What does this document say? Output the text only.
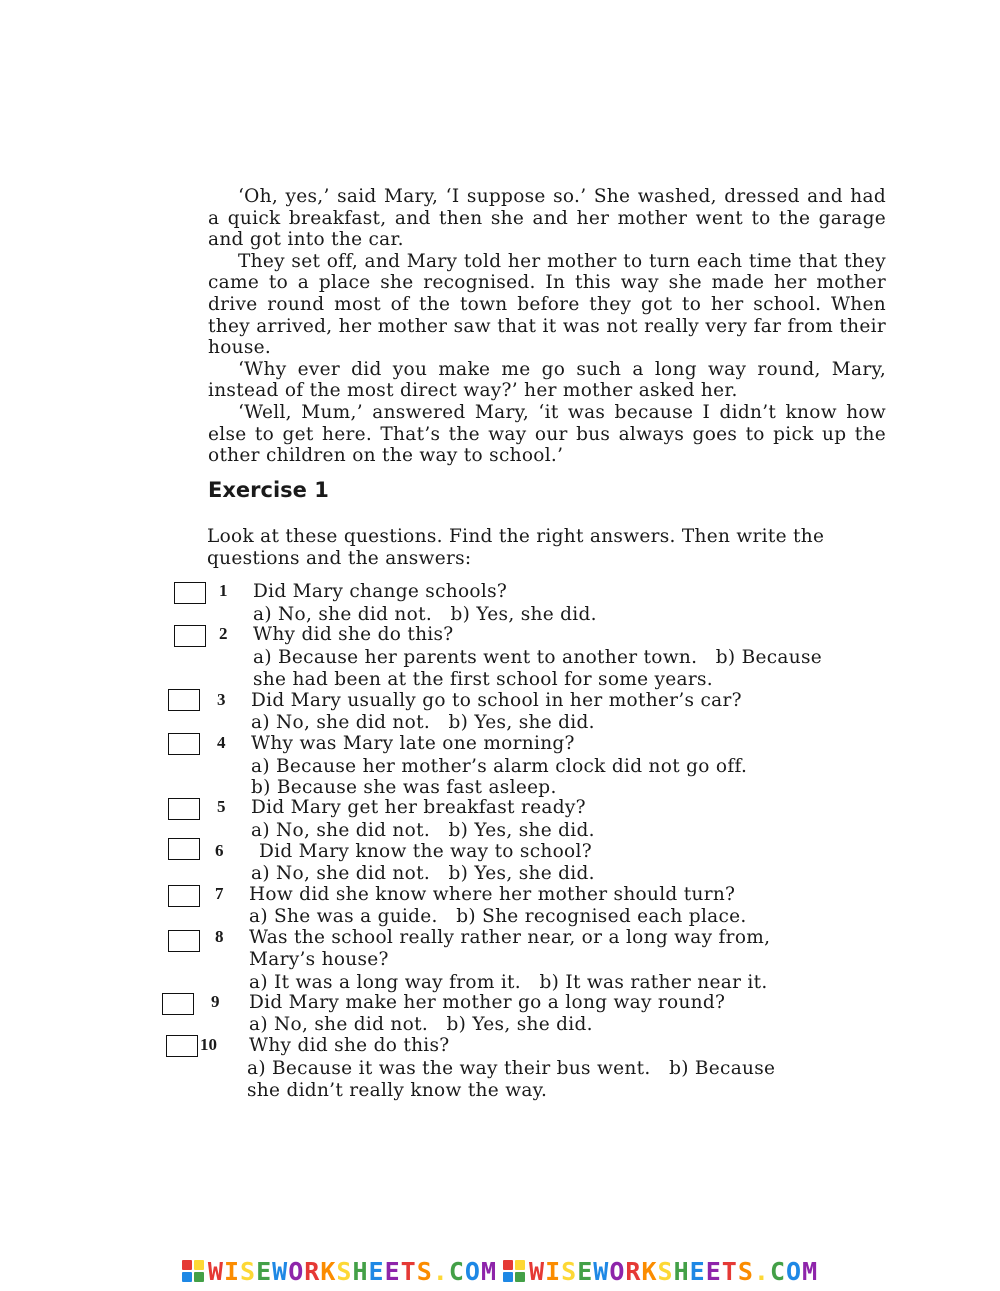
‘Oh, yes,’ said Mary, ‘I suppose so.’ She washed, dressed and had a quick breakfast, and then she and her mother went to the garage and got into the car.

They set off, and Mary told her mother to turn each time that they came to a place she recognised. In this way she made her mother drive round most of the town before they got to her school. When they arrived, her mother saw that it was not really very far from their house.

‘Why ever did you make me go such a long way round, Mary, instead of the most direct way?’ her mother asked her.

‘Well, Mum,’ answered Mary, ‘it was because I didn’t know how else to get here. That’s the way our bus always goes to pick up the other children on the way to school.’

Exercise 1

Look at these questions. Find the right answers. Then write the questions and the answers:

1 Did Mary change schools?
a) No, she did not.   b) Yes, she did.
2 Why did she do this?
a) Because her parents went to another town.   b) Because
she had been at the first school for some years.
3 Did Mary usually go to school in her mother’s car?
a) No, she did not.   b) Yes, she did.
4 Why was Mary late one morning?
a) Because her mother’s alarm clock did not go off.
b) Because she was fast asleep.
5 Did Mary get her breakfast ready?
a) No, she did not.   b) Yes, she did.
6 Did Mary know the way to school?
a) No, she did not.   b) Yes, she did.
7 How did she know where her mother should turn?
a) She was a guide.   b) She recognised each place.
8 Was the school really rather near, or a long way from,
Mary’s house?
a) It was a long way from it.   b) It was rather near it.
9 Did Mary make her mother go a long way round?
a) No, she did not.   b) Yes, she did.
10 Why did she do this?
a) Because it was the way their bus went.   b) Because
she didn’t really know the way.
W I S E W O R K S H E E T S . C O M W I S E W O R K S H E E T S . C O M
